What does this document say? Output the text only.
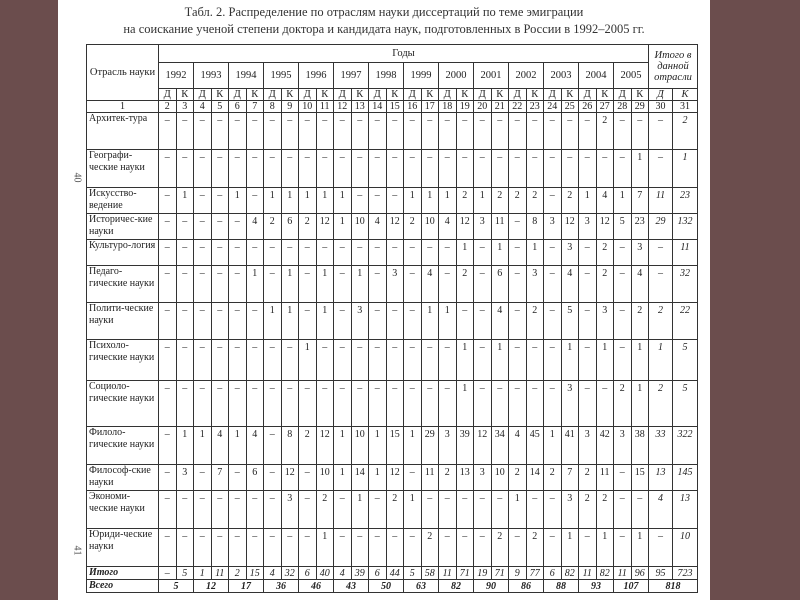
Табл. 2. Распределение по отраслям науки диссертаций по теме эмиграции
на соискание ученой степени доктора и кандидата наук, подготовленных в России в 1992–2005 гг.
40
41
Отрасль науки	Годы																												Итого в данной отрасли	
	1992		1993		1994		1995		1996		1997		1998		1999		2000		2001		2002		2003		2004		2005			
	Д	К	Д	К	Д	К	Д	К	Д	К	Д	К	Д	К	Д	К	Д	К	Д	К	Д	К	Д	К	Д	К	Д	К	Д	К
1	2	3	4	5	6	7	8	9	10	11	12	13	14	15	16	17	18	19	20	21	22	23	24	25	26	27	28	29	30	31
Архитек-тура	–	–	–	–	–	–	–	–	–	–	–	–	–	–	–	–	–	–	–	–	–	–	–	–	–	2	–	–	–	2
Географи-ческие науки	–	–	–	–	–	–	–	–	–	–	–	–	–	–	–	–	–	–	–	–	–	–	–	–	–	–	–	1	–	1
Искусство-ведение	–	1	–	–	1	–	1	1	1	1	1	–	–	–	1	1	1	2	1	2	2	2	–	2	1	4	1	7	11	23
Историчес-кие науки	–	–	–	–	–	4	2	6	2	12	1	10	4	12	2	10	4	12	3	11	–	8	3	12	3	12	5	23	29	132
Культуро-логия	–	–	–	–	–	–	–	–	–	–	–	–	–	–	–	–	–	1	–	1	–	1	–	3	–	2	–	3	–	11
Педаго-гические науки	–	–	–	–	–	1	–	1	–	1	–	1	–	3	–	4	–	2	–	6	–	3	–	4	–	2	–	4	–	32
Полити-ческие науки	–	–	–	–	–	–	1	1	–	1	–	3	–	–	–	1	1	–	–	4	–	2	–	5	–	3	–	2	2	22
Психоло-гические науки	–	–	–	–	–	–	–	–	1	–	–	–	–	–	–	–	–	1	–	1	–	–	–	1	–	1	–	1	1	5
Социоло-гические науки	–	–	–	–	–	–	–	–	–	–	–	–	–	–	–	–	–	1	–	–	–	–	–	3	–	–	2	1	2	5
Филоло-гические науки	–	1	1	4	1	4	–	8	2	12	1	10	1	15	1	29	3	39	12	34	4	45	1	41	3	42	3	38	33	322
Философ-ские науки	–	3	–	7	–	6	–	12	–	10	1	14	1	12	–	11	2	13	3	10	2	14	2	7	2	11	–	15	13	145
Экономи-ческие науки	–	–	–	–	–	–	–	3	–	2	–	1	–	2	1	–	–	–	–	–	1	–	–	3	2	2	–	–	4	13
Юриди-ческие науки	–	–	–	–	–	–	–	–	–	1	–	–	–	–	–	2	–	–	–	2	–	2	–	1	–	1	–	1	–	10
Итого	–	5	1	11	2	15	4	32	6	40	4	39	6	44	5	58	11	71	19	71	9	77	6	82	11	82	11	96	95	723
Всего	5		12		17		36		46		43		50		63		82		90		86		88		93		107		818	
